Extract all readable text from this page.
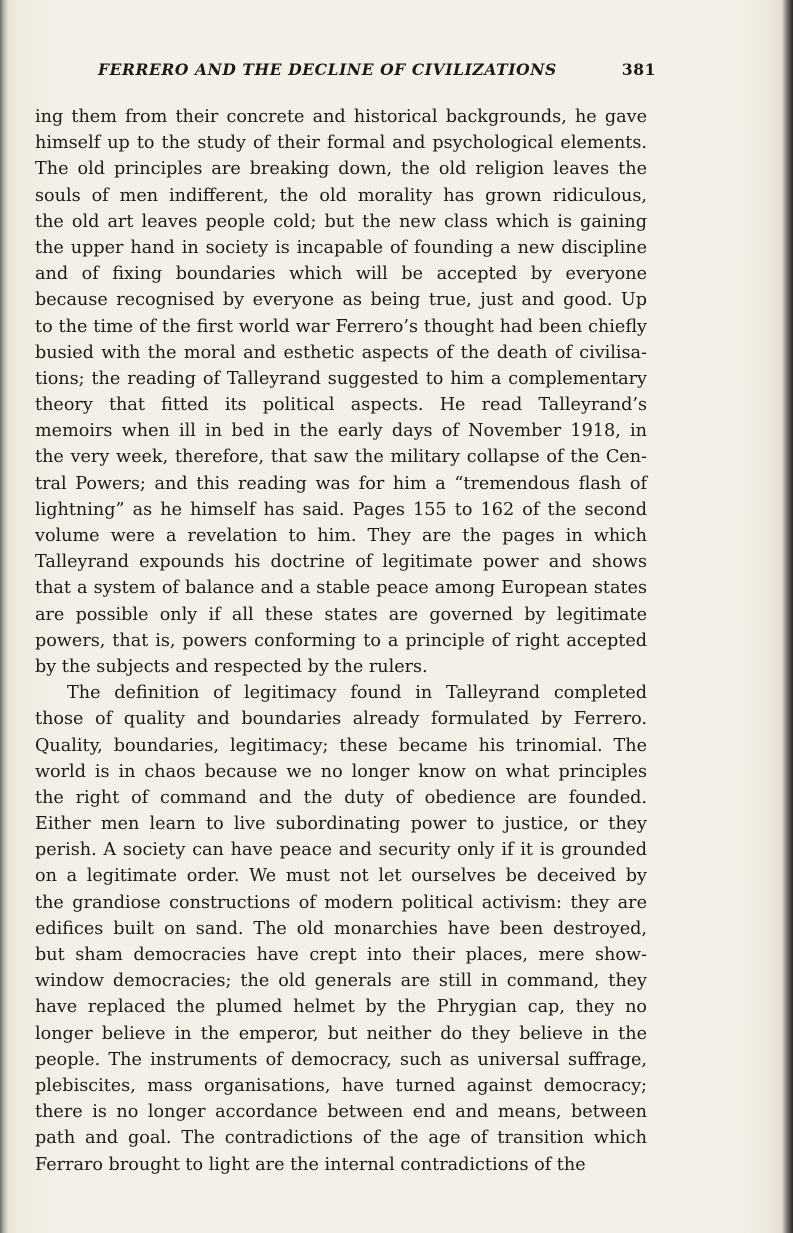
FERRERO AND THE DECLINE OF CIVILIZATIONS	381
ing them from their concrete and historical backgrounds, he gave
himself up to the study of their formal and psychological elements.
The old principles are breaking down, the old religion leaves the
souls of men indifferent, the old morality has grown ridiculous,
the old art leaves people cold; but the new class which is gaining
the upper hand in society is incapable of founding a new discipline
and of fixing boundaries which will be accepted by everyone
because recognised by everyone as being true, just and good. Up
to the time of the first world war Ferrero’s thought had been chiefly
busied with the moral and esthetic aspects of the death of civilisa-
tions; the reading of Talleyrand suggested to him a complementary
theory that fitted its political aspects. He read Talleyrand’s
memoirs when ill in bed in the early days of November 1918, in
the very week, therefore, that saw the military collapse of the Cen-
tral Powers; and this reading was for him a “tremendous flash of
lightning” as he himself has said. Pages 155 to 162 of the second
volume were a revelation to him. They are the pages in which
Talleyrand expounds his doctrine of legitimate power and shows
that a system of balance and a stable peace among European states
are possible only if all these states are governed by legitimate
powers, that is, powers conforming to a principle of right accepted
by the subjects and respected by the rulers.
The definition of legitimacy found in Talleyrand completed
those of quality and boundaries already formulated by Ferrero.
Quality, boundaries, legitimacy; these became his trinomial. The
world is in chaos because we no longer know on what principles
the right of command and the duty of obedience are founded.
Either men learn to live subordinating power to justice, or they
perish. A society can have peace and security only if it is grounded
on a legitimate order. We must not let ourselves be deceived by
the grandiose constructions of modern political activism: they are
edifices built on sand. The old monarchies have been destroyed,
but sham democracies have crept into their places, mere show-
window democracies; the old generals are still in command, they
have replaced the plumed helmet by the Phrygian cap, they no
longer believe in the emperor, but neither do they believe in the
people. The instruments of democracy, such as universal suffrage,
plebiscites, mass organisations, have turned against democracy;
there is no longer accordance between end and means, between
path and goal. The contradictions of the age of transition which
Ferraro brought to light are the internal contradictions of the
